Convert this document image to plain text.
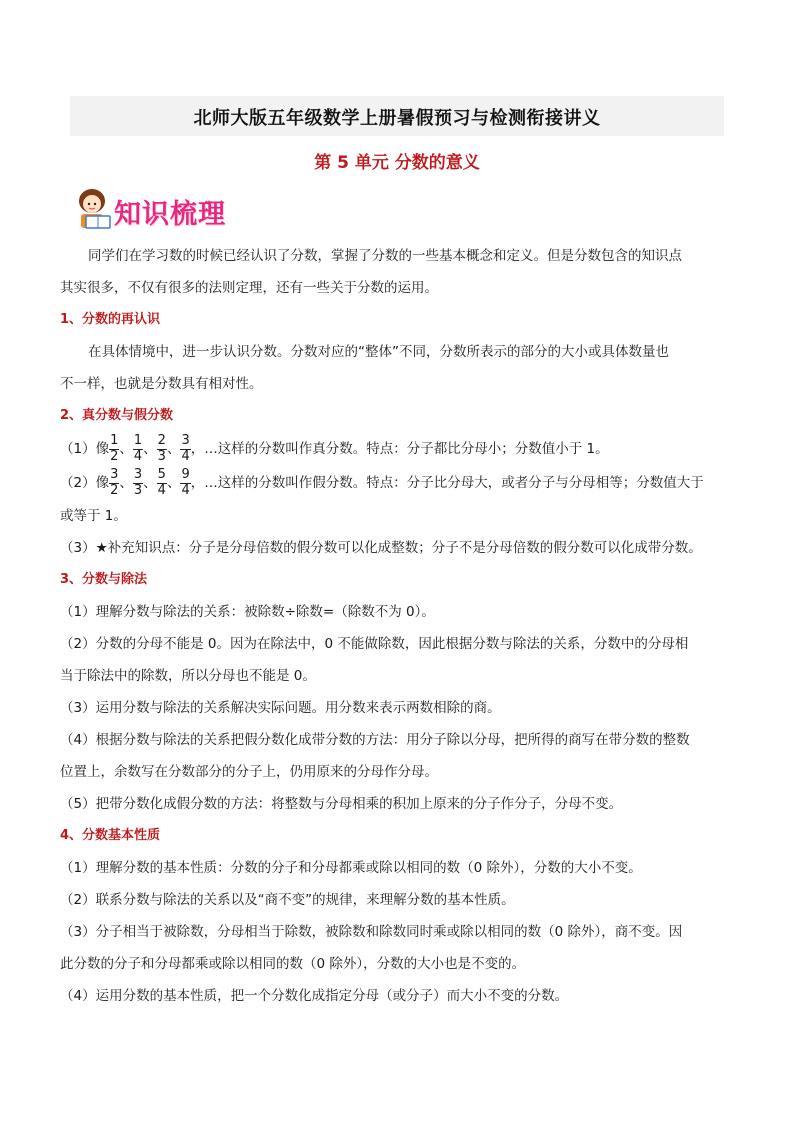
北师大版五年级数学上册暑假预习与检测衔接讲义
第 5 单元 分数的意义
知识梳理

同学们在学习数的时候已经认识了分数，掌握了分数的一些基本概念和定义。但是分数包含的知识点

其实很多，不仅有很多的法则定理，还有一些关于分数的运用。

1、分数的再认识

在具体情境中，进一步认识分数。分数对应的“整体”不同，分数所表示的部分的大小或具体数量也

不一样，也就是分数具有相对性。

2、真分数与假分数

（1）像 $\frac{1}{2}$ 、 $\frac{1}{4}$ 、 $\frac{2}{3}$ 、 $\frac{3}{4}$ ，…这样的分数叫作真分数。特点：分子都比分母小；分数值小于 1。

（2）像 $\frac{3}{2}$ 、 $\frac{3}{3}$ 、 $\frac{5}{4}$ 、 $\frac{9}{4}$ ，…这样的分数叫作假分数。特点：分子比分母大，或者分子与分母相等；分数值大于

或等于 1。

（3）★补充知识点：分子是分母倍数的假分数可以化成整数；分子不是分母倍数的假分数可以化成带分数。

3、分数与除法

（1）理解分数与除法的关系：被除数÷除数=（除数不为 0）。

（2）分数的分母不能是 0。因为在除法中，0 不能做除数，因此根据分数与除法的关系，分数中的分母相

当于除法中的除数，所以分母也不能是 0。

（3）运用分数与除法的关系解决实际问题。用分数来表示两数相除的商。

（4）根据分数与除法的关系把假分数化成带分数的方法：用分子除以分母，把所得的商写在带分数的整数

位置上，余数写在分数部分的分子上，仍用原来的分母作分母。

（5）把带分数化成假分数的方法：将整数与分母相乘的积加上原来的分子作分子，分母不变。

4、分数基本性质

（1）理解分数的基本性质：分数的分子和分母都乘或除以相同的数（0 除外），分数的大小不变。

（2）联系分数与除法的关系以及“商不变”的规律，来理解分数的基本性质。

（3）分子相当于被除数，分母相当于除数，被除数和除数同时乘或除以相同的数（0 除外），商不变。因

此分数的分子和分母都乘或除以相同的数（0 除外），分数的大小也是不变的。

（4）运用分数的基本性质，把一个分数化成指定分母（或分子）而大小不变的分数。
